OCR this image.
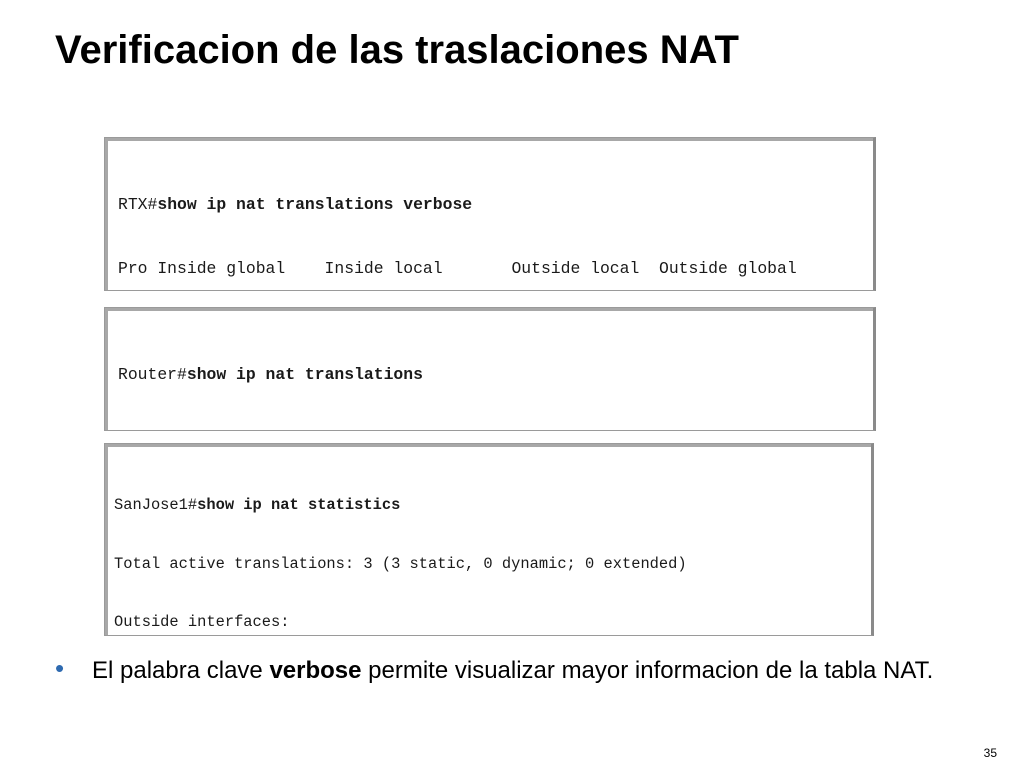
Verificacion de las traslaciones NAT

RTX#show ip nat translations verbose

Pro Inside global    Inside local       Outside local  Outside global

Router#show ip nat translations

SanJose1#show ip nat statistics

Total active translations: 3 (3 static, 0 dynamic; 0 extended)

Outside interfaces:

• El palabra clave verbose permite visualizar mayor informacion de la tabla NAT.
35
